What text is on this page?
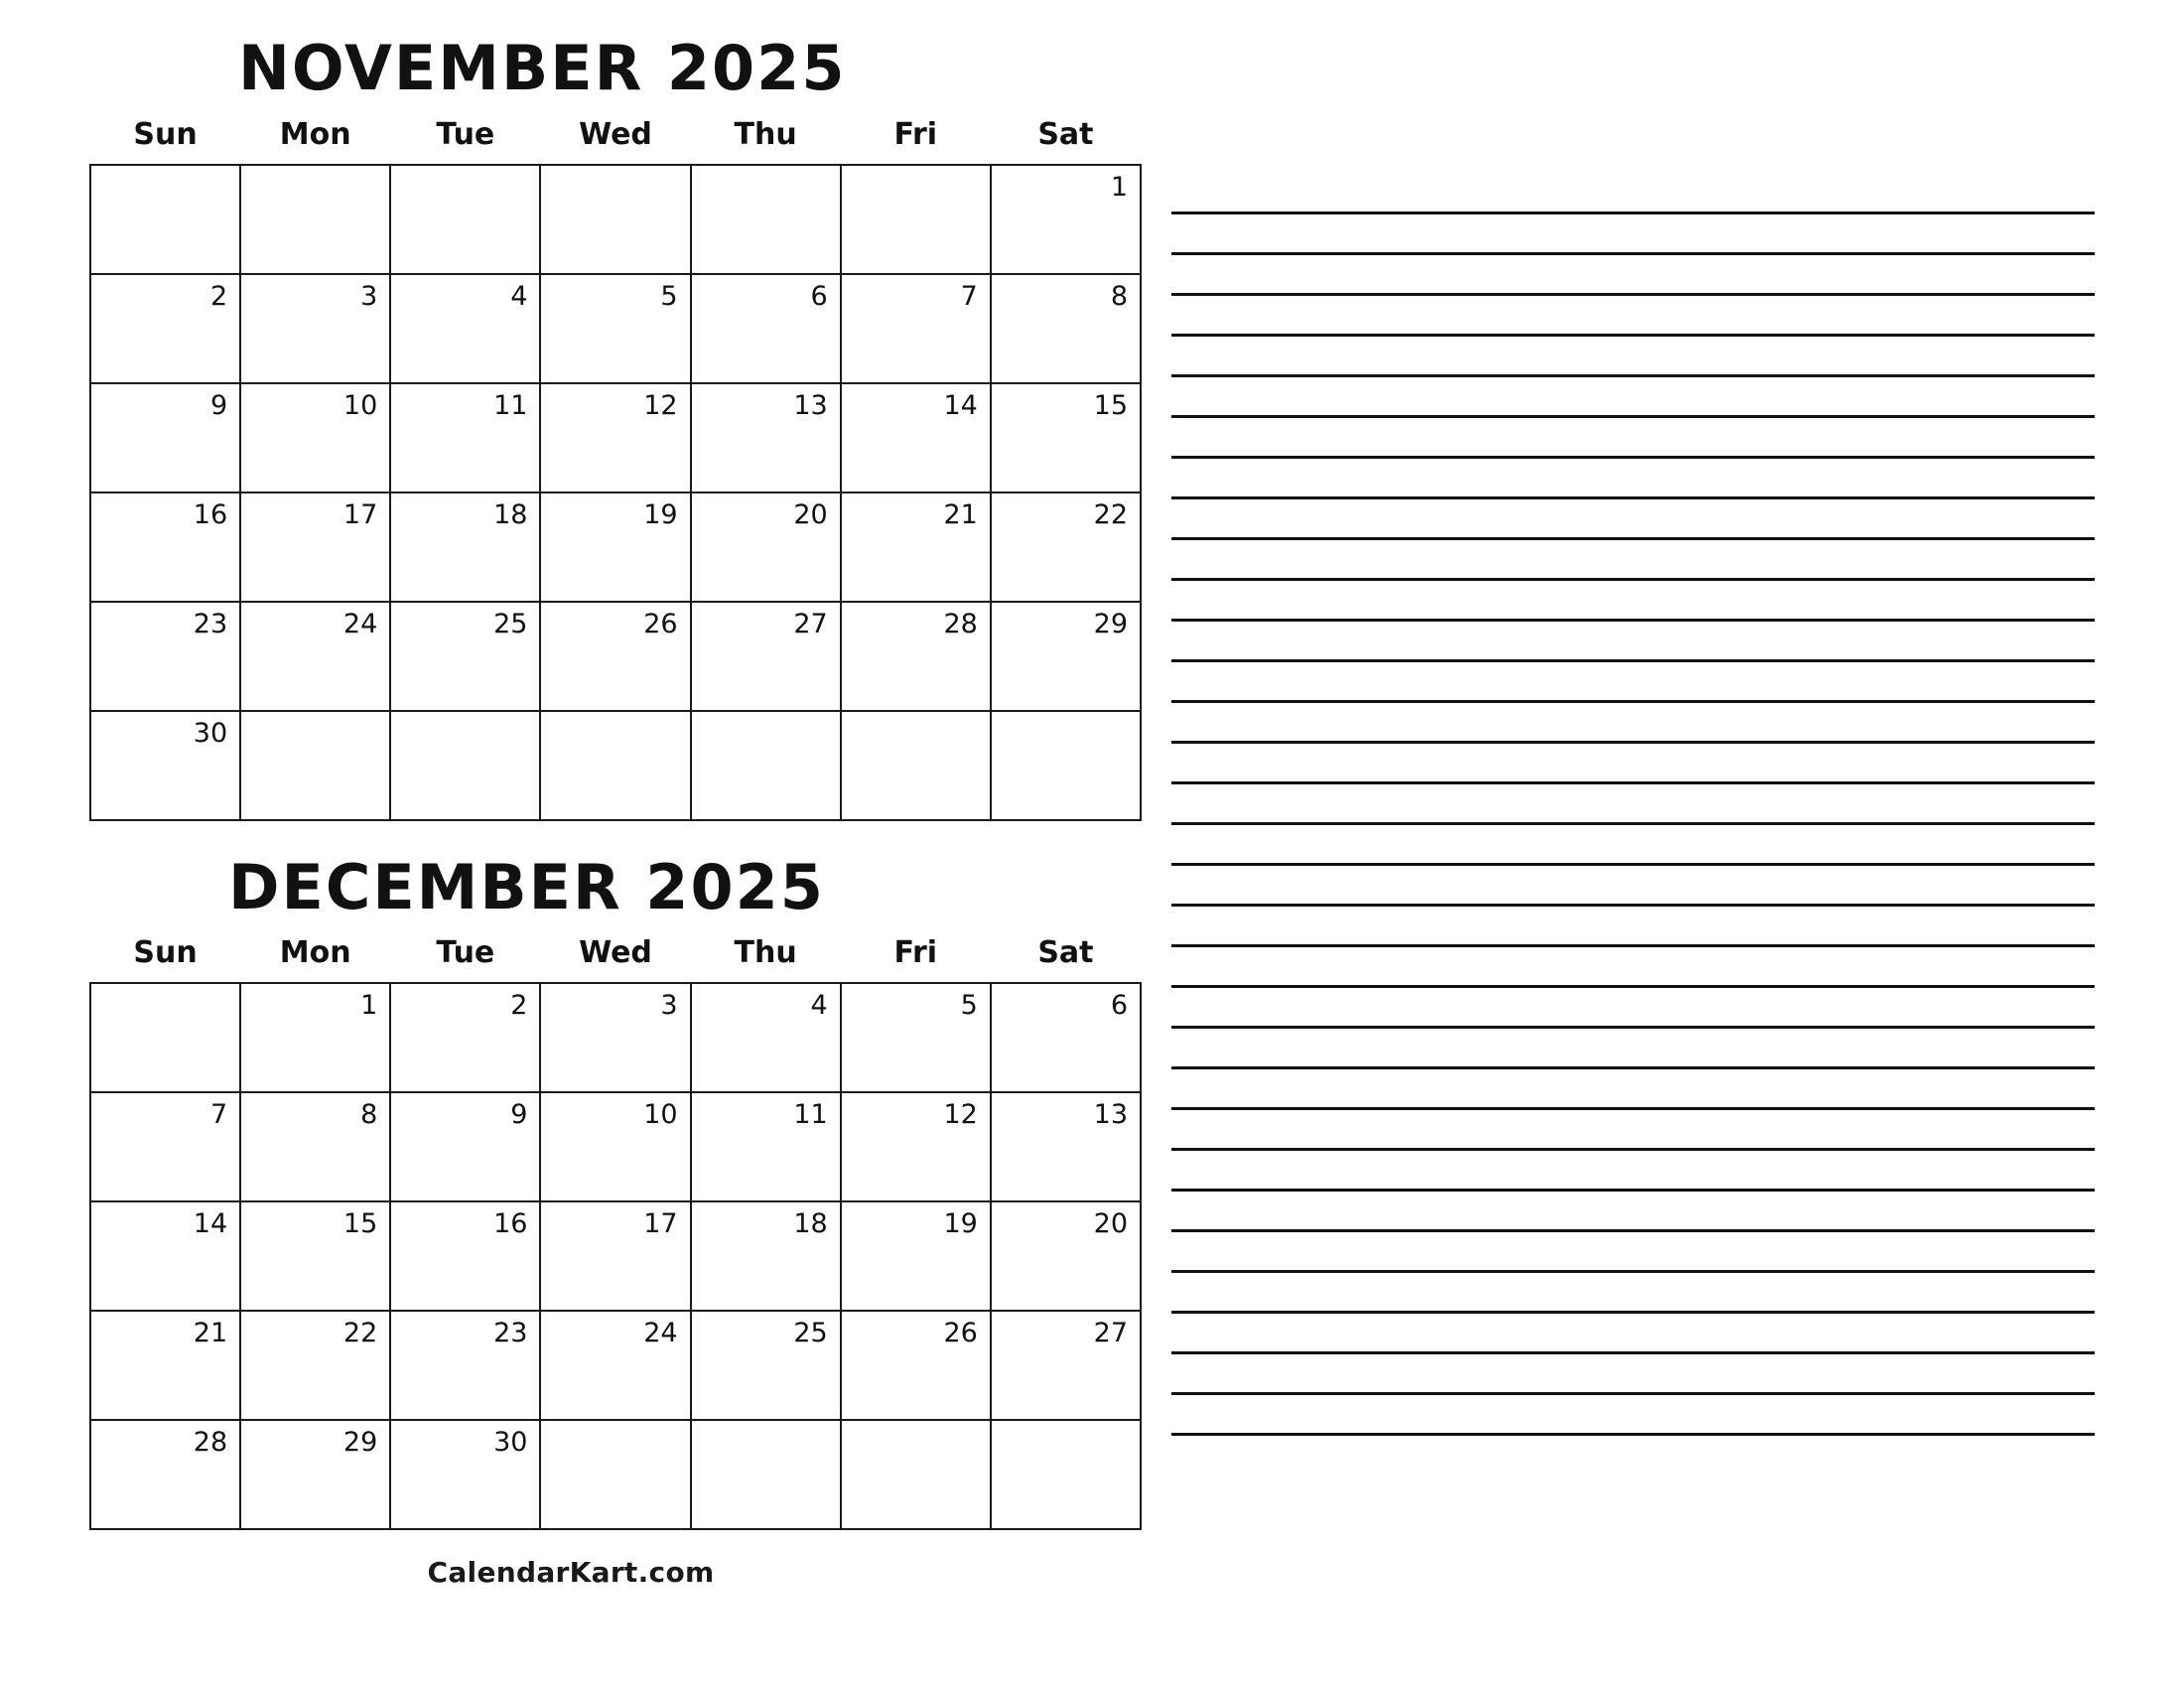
NOVEMBER 2025
Sun	Mon	Tue	Wed	Thu	Fri	Sat
						1
2	3	4	5	6	7	8
9	10	11	12	13	14	15
16	17	18	19	20	21	22
23	24	25	26	27	28	29
30						
DECEMBER 2025
Sun	Mon	Tue	Wed	Thu	Fri	Sat
	1	2	3	4	5	6
7	8	9	10	11	12	13
14	15	16	17	18	19	20
21	22	23	24	25	26	27
28	29	30				
CalendarKart.com
